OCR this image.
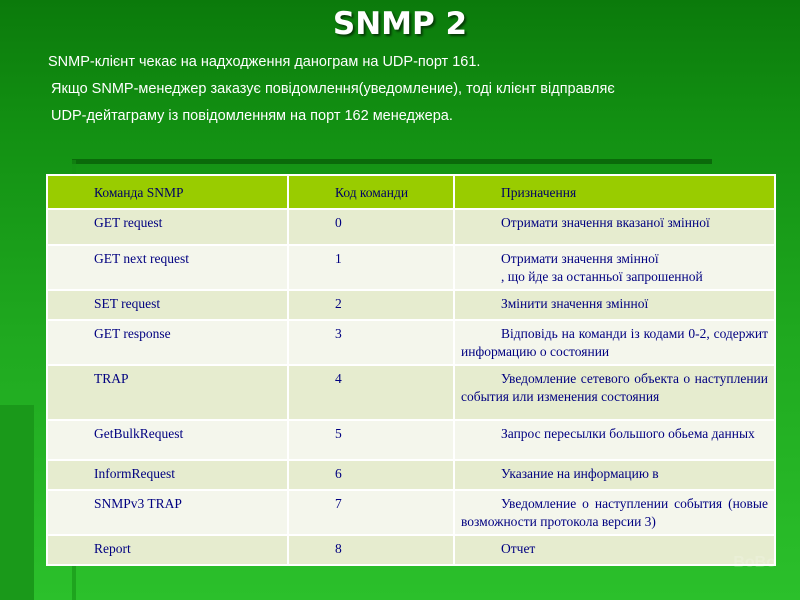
SNMP 2

SNMP-клієнт чекає на надходження данограм на UDP-порт 161.

Якщо SNMP-менеджер заказує повідомлення(уведомление), тоді клієнт відправляє

UDP-дейтаграму із повідомленням на порт 162 менеджера.

Команда SNMP	Код команди	Призначення
GET request	0	Отримати значення вказаної змінної

GET next request	1	Отримати значення змінної
, що йде за останньої запрошенной

SET request	2	Змінити значення змінної

GET response	3	Відповідь на команди із кодами 0-2, содержит информацию о состоянии
TRAP	4	Уведомление сетевого объекта о наступлении события или изменения состояния
GetBulkRequest	5	Запрос пересылки большого обьема данных
InformRequest	6	Указание на информацию в
SNMPv3 TRAP	7	Уведомление о наступлении события (новые возможности протокола версии 3)
Report	8	Отчет
BoBo
